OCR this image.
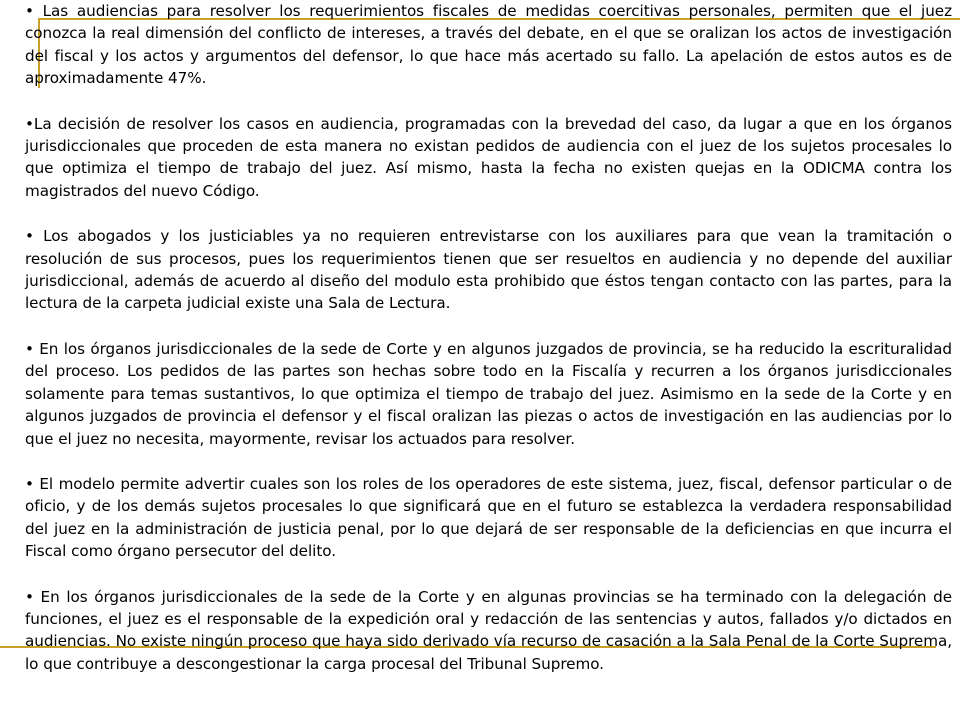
• Las audiencias para resolver los requerimientos fiscales de medidas coercitivas personales, permiten que el juez conozca la real dimensión del conflicto de intereses, a través del debate, en el que se oralizan los actos de investigación del fiscal y los actos y argumentos del defensor, lo que hace más acertado su fallo. La apelación de estos autos es de aproximadamente 47%.

•La decisión de resolver los casos en audiencia, programadas con la brevedad del caso, da lugar a que en los órganos jurisdiccionales que proceden de esta manera no existan pedidos de audiencia con el juez de los sujetos procesales lo que optimiza el tiempo de trabajo del juez. Así mismo, hasta la fecha no existen quejas en la ODICMA contra los magistrados del nuevo Código.

• Los abogados y los justiciables ya no requieren entrevistarse con los auxiliares para que vean la tramitación o resolución de sus procesos, pues los requerimientos tienen que ser resueltos en audiencia y no depende del auxiliar jurisdiccional, además de acuerdo al diseño del modulo esta prohibido que éstos tengan contacto con las partes, para la lectura de la carpeta judicial existe una Sala de Lectura.

• En los órganos jurisdiccionales de la sede de Corte y en algunos juzgados de provincia, se ha reducido la escrituralidad del proceso. Los pedidos de las partes son hechas sobre todo en la Fiscalía y recurren a los órganos jurisdiccionales solamente para temas sustantivos, lo que optimiza el tiempo de trabajo del juez. Asimismo en la sede de la Corte y en algunos juzgados de provincia el defensor y el fiscal oralizan las piezas o actos de investigación en las audiencias por lo que el juez no necesita, mayormente, revisar los actuados para resolver.

• El modelo permite advertir cuales son los roles de los operadores de este sistema, juez, fiscal, defensor particular o de oficio, y de los demás sujetos procesales lo que significará que en el futuro se establezca la verdadera responsabilidad del juez en la administración de justicia penal, por lo que dejará de ser responsable de la deficiencias en que incurra el Fiscal como órgano persecutor del delito.

• En los órganos jurisdiccionales de la sede de la Corte y en algunas provincias se ha terminado con la delegación de funciones, el juez es el responsable de la expedición oral y redacción de las sentencias y autos, fallados y/o dictados en audiencias. No existe ningún proceso que haya sido derivado vía recurso de casación a la Sala Penal de la Corte Suprema, lo que contribuye a descongestionar la carga procesal del Tribunal Supremo.
